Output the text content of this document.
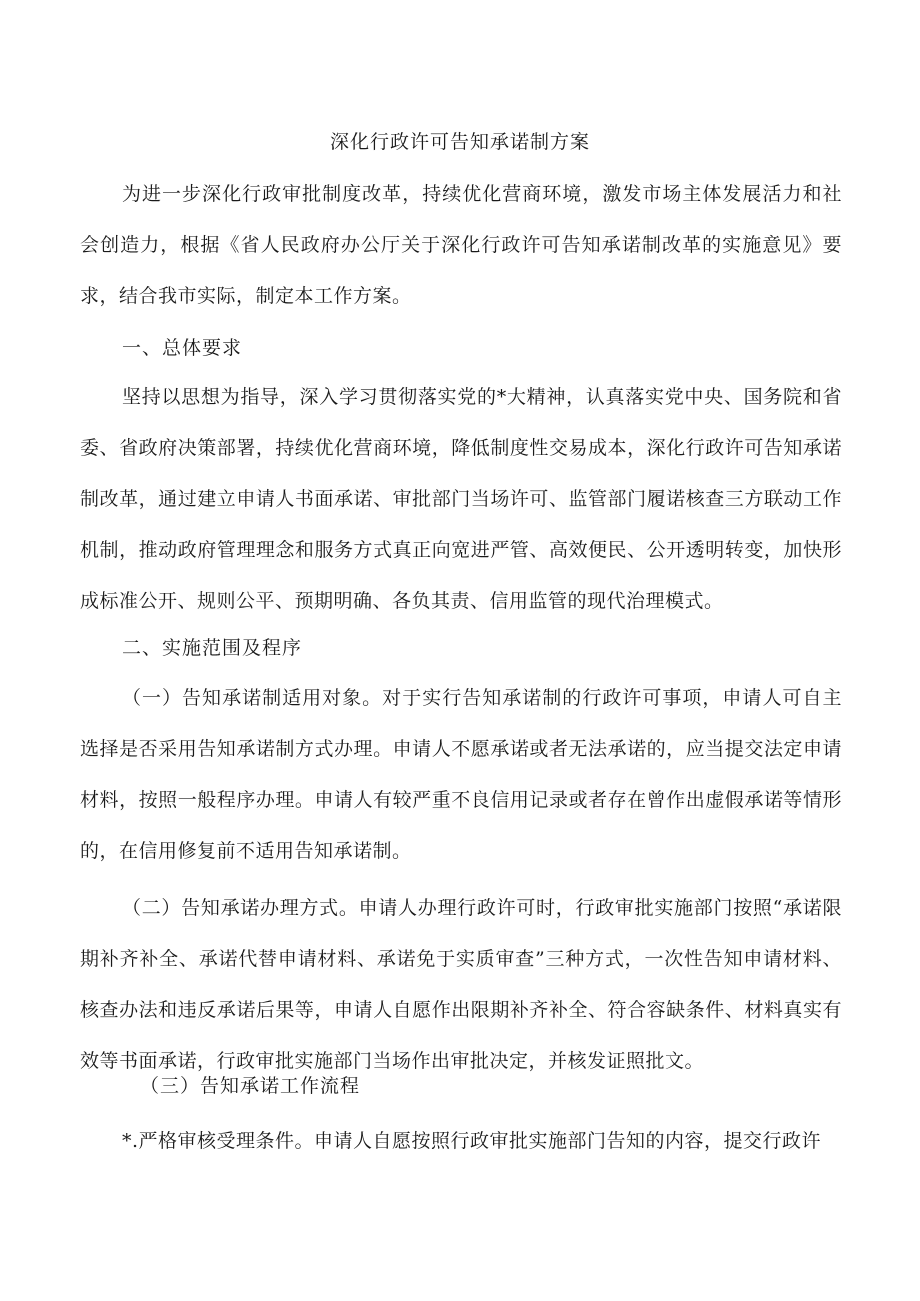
深化行政许可告知承诺制方案

为进一步深化行政审批制度改革，持续优化营商环境，激发市场主体发展活力和社会创造力，根据《省人民政府办公厅关于深化行政许可告知承诺制改革的实施意见》要求，结合我市实际，制定本工作方案。

一、总体要求

坚持以思想为指导，深入学习贯彻落实党的*大精神，认真落实党中央、国务院和省委、省政府决策部署，持续优化营商环境，降低制度性交易成本，深化行政许可告知承诺制改革，通过建立申请人书面承诺、审批部门当场许可、监管部门履诺核查三方联动工作机制，推动政府管理理念和服务方式真正向宽进严管、高效便民、公开透明转变，加快形成标准公开、规则公平、预期明确、各负其责、信用监管的现代治理模式。

二、实施范围及程序

（一）告知承诺制适用对象。对于实行告知承诺制的行政许可事项，申请人可自主选择是否采用告知承诺制方式办理。申请人不愿承诺或者无法承诺的，应当提交法定申请材料，按照一般程序办理。申请人有较严重不良信用记录或者存在曾作出虚假承诺等情形的，在信用修复前不适用告知承诺制。

（二）告知承诺办理方式。申请人办理行政许可时，行政审批实施部门按照“承诺限期补齐补全、承诺代替申请材料、承诺免于实质审查”三种方式，一次性告知申请材料、核查办法和违反承诺后果等，申请人自愿作出限期补齐补全、符合容缺条件、材料真实有效等书面承诺，行政审批实施部门当场作出审批决定，并核发证照批文。

（三）告知承诺工作流程
*.严格审核受理条件。申请人自愿按照行政审批实施部门告知的内容，提交行政许
